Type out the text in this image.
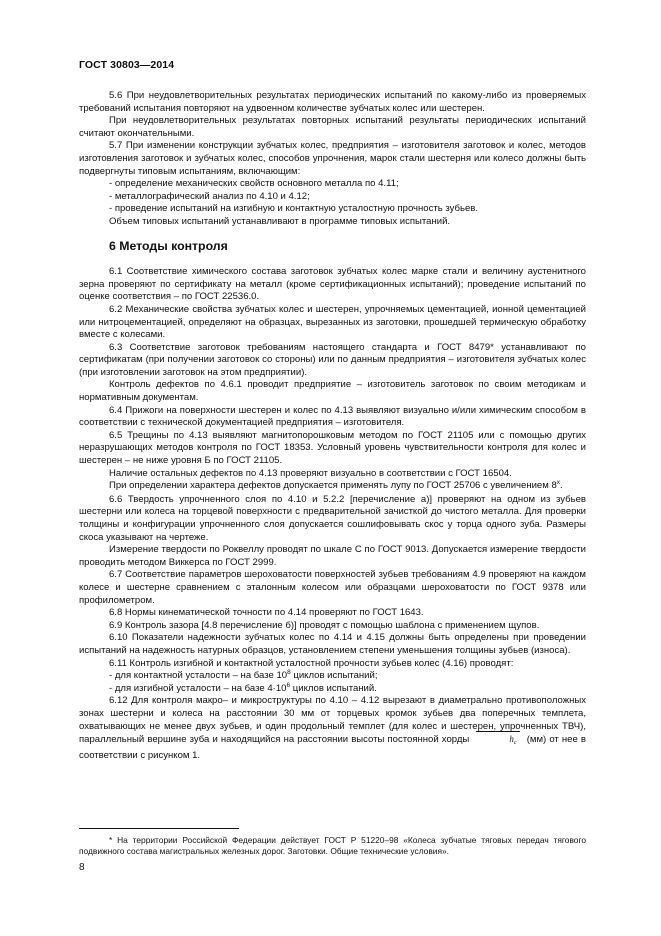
ГОСТ 30803—2014

5.6 При неудовлетворительных результатах периодических испытаний по какому-либо из проверяемых требований испытания повторяют на удвоенном количестве зубчатых колес или шестерен.

При неудовлетворительных результатах повторных испытаний результаты периодических испытаний считают окончательными.

5.7 При изменении конструкции зубчатых колес, предприятия – изготовителя заготовок и колес, методов изготовления заготовок и зубчатых колес, способов упрочнения, марок стали шестерня или колесо должны быть подвергнуты типовым испытаниям, включающим:

- определение механических свойств основного металла по 4.11;

- металлографический анализ по 4.10 и 4.12;

- проведение испытаний на изгибную и контактную усталостную прочность зубьев.

Объем типовых испытаний устанавливают в программе типовых испытаний.

6 Методы контроля

6.1 Соответствие химического состава заготовок зубчатых колес марке стали и величину аустенитного зерна проверяют по сертификату на металл (кроме сертификационных испытаний); проведение испытаний по оценке соответствия – по ГОСТ 22536.0.

6.2 Механические свойства зубчатых колес и шестерен, упрочняемых цементацией, ионной цементацией или нитроцементацией, определяют на образцах, вырезанных из заготовки, прошедшей термическую обработку вместе с колесами.

6.3 Соответствие заготовок требованиям настоящего стандарта и ГОСТ 8479* устанавливают по сертификатам (при получении заготовок со стороны) или по данным предприятия – изготовителя зубчатых колес (при изготовлении заготовок на этом предприятии).

Контроль дефектов по 4.6.1 проводит предприятие – изготовитель заготовок по своим методикам и нормативным документам.

6.4 Прижоги на поверхности шестерен и колес по 4.13 выявляют визуально и/или химическим способом в соответствии с технической документацией предприятия – изготовителя.

6.5 Трещины по 4.13 выявляют магнитопорошковым методом по ГОСТ 21105 или с помощью других неразрушающих методов контроля по ГОСТ 18353. Условный уровень чувствительности контроля для колес и шестерен – не ниже уровня Б по ГОСТ 21105.

Наличие остальных дефектов по 4.13 проверяют визуально в соответствии с ГОСТ 16504.

При определении характера дефектов допускается применять лупу по ГОСТ 25706 с увеличением $8^х$.

6.6 Твердость упрочненного слоя по 4.10 и 5.2.2 [перечисление а)] проверяют на одном из зубьев шестерни или колеса на торцевой поверхности с предварительной зачисткой до чистого металла. Для проверки толщины и конфигурации упрочненного слоя допускается сошлифовывать скос у торца одного зуба. Размеры скоса указывают на чертеже.

Измерение твердости по Роквеллу проводят по шкале С по ГОСТ 9013. Допускается измерение твердости проводить методом Виккерса по ГОСТ 2999.

6.7 Соответствие параметров шероховатости поверхностей зубьев требованиям 4.9 проверяют на каждом колесе и шестерне сравнением с эталонным колесом или образцами шероховатости по ГОСТ 9378 или профилометром.

6.8 Нормы кинематической точности по 4.14 проверяют по ГОСТ 1643.

6.9 Контроль зазора [4.8 перечисление б)] проводят с помощью шаблона с применением щупов.

6.10 Показатели надежности зубчатых колес по 4.14 и 4.15 должны быть определены при проведении испытаний на надежность натурных образцов, установлением степени уменьшения толщины зубьев (износа).

6.11 Контроль изгибной и контактной усталостной прочности зубьев колес (4.16) проводят:

- для контактной усталости – на базе $10^8$ циклов испытаний;

- для изгибной усталости – на базе $4\cdot 10^6$ циклов испытаний.

6.12 Для контроля макро– и микроструктуры по 4.10 – 4.12 вырезают в диаметрально противоположных зонах шестерни и колеса на расстоянии 30 мм от торцевых кромок зубьев два поперечных темплета, охватывающих не менее двух зубьев, и один продольный темплет (для колес и шестерен, упрочненных ТВЧ), параллельный вершине зуба и находящийся на расстоянии высоты постоянной хорды	$h_c$ (мм) от нее в соответствии с рисунком 1.

* На территории Российской Федерации действует ГОСТ Р 51220–98 «Колеса зубчатые тяговых передач тягового подвижного состава магистральных железных дорог. Заготовки. Общие технические условия».
8
